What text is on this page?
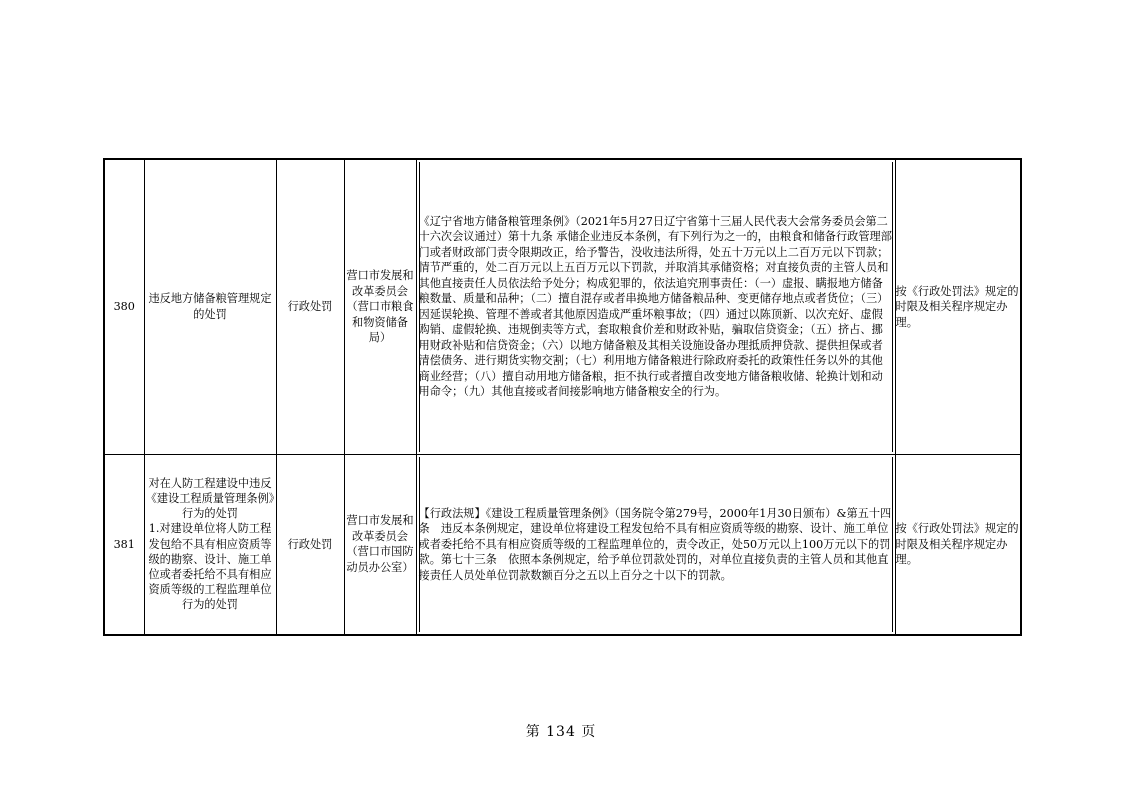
380	违反地方储备粮管理规定的处罚	行政处罚	营口市发展和改革委员会（营口市粮食和物资储备局）	《辽宁省地方储备粮管理条例》（2021年5月27日辽宁省第十三届人民代表大会常务委员会第二十六次会议通过）第十九条 承储企业违反本条例，有下列行为之一的，由粮食和储备行政管理部门或者财政部门责令限期改正，给予警告，没收违法所得，处五十万元以上二百万元以下罚款；情节严重的，处二百万元以上五百万元以下罚款，并取消其承储资格；对直接负责的主管人员和其他直接责任人员依法给予处分；构成犯罪的，依法追究刑事责任：（一）虚报、瞒报地方储备粮数量、质量和品种；（二）擅自混存或者串换地方储备粮品种、变更储存地点或者货位；（三）因延误轮换、管理不善或者其他原因造成严重坏粮事故；（四）通过以陈顶新、以次充好、虚假购销、虚假轮换、违规倒卖等方式，套取粮食价差和财政补贴，骗取信贷资金；（五）挤占、挪用财政补贴和信贷资金；（六）以地方储备粮及其相关设施设备办理抵质押贷款、提供担保或者清偿债务、进行期货实物交割；（七）利用地方储备粮进行除政府委托的政策性任务以外的其他商业经营；（八）擅自动用地方储备粮，拒不执行或者擅自改变地方储备粮收储、轮换计划和动用命令；（九）其他直接或者间接影响地方储备粮安全的行为。	按《行政处罚法》规定的时限及相关程序规定办理。
381	对在人防工程建设中违反《建设工程质量管理条例》行为的处罚
1.对建设单位将人防工程发包给不具有相应资质等级的勘察、设计、施工单位或者委托给不具有相应资质等级的工程监理单位行为的处罚	行政处罚	营口市发展和改革委员会（营口市国防动员办公室）	【行政法规】《建设工程质量管理条例》（国务院令第279号，2000年1月30日颁布）&第五十四条　违反本条例规定，建设单位将建设工程发包给不具有相应资质等级的勘察、设计、施工单位或者委托给不具有相应资质等级的工程监理单位的，责令改正，处50万元以上100万元以下的罚款。第七十三条　依照本条例规定，给予单位罚款处罚的，对单位直接负责的主管人员和其他直接责任人员处单位罚款数额百分之五以上百分之十以下的罚款。	按《行政处罚法》规定的时限及相关程序规定办理。
第 134 页
